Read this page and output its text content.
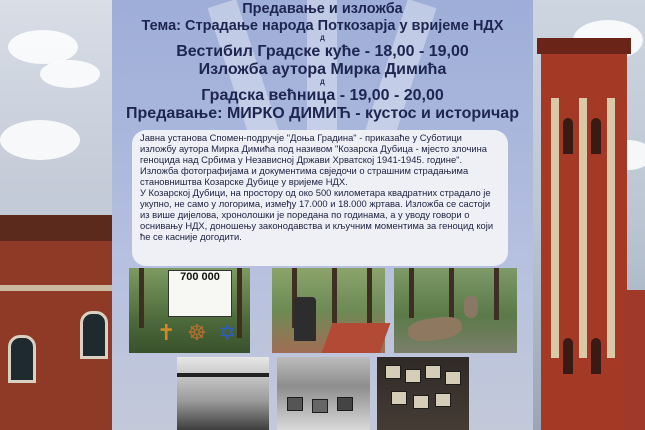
Предавање и изложба
Тема: Страдање народа Поткозарја у вријеме НДХ
Д
Вестибил Градске куће - 18,00 - 19,00
Изложба аутора Мирка Димића
Д
Градска већница - 19,00 - 20,00
Предавање: МИРКО ДИМИЋ - кустос и историчар

Јавна установа Спомен-подручје "Доња Градина" - приказаће у Суботици изложбу аутора Мирка Димића под називом "Козарска Дубица - мјесто злочина геноцида над Србима у Независној Држави Хрватској 1941-1945. године". Изложба фотографијама и документима свједочи о страшним страдањима становништва Козарске Дубице у вријеме НДХ.

У Козарској Дубици, на простору од око 500 километара квадратних страдало је укупно, не само у логорима, између 17.000 и 18.000 жртава. Изложба се састоји из више дијелова, хронолошки је поредана по годинама, а у уводу говори о оснивању НДХ, доношењу законодавства и кључним моментима за геноцид који ће се касније догодити.

700 000

✝ ☸ ✡
